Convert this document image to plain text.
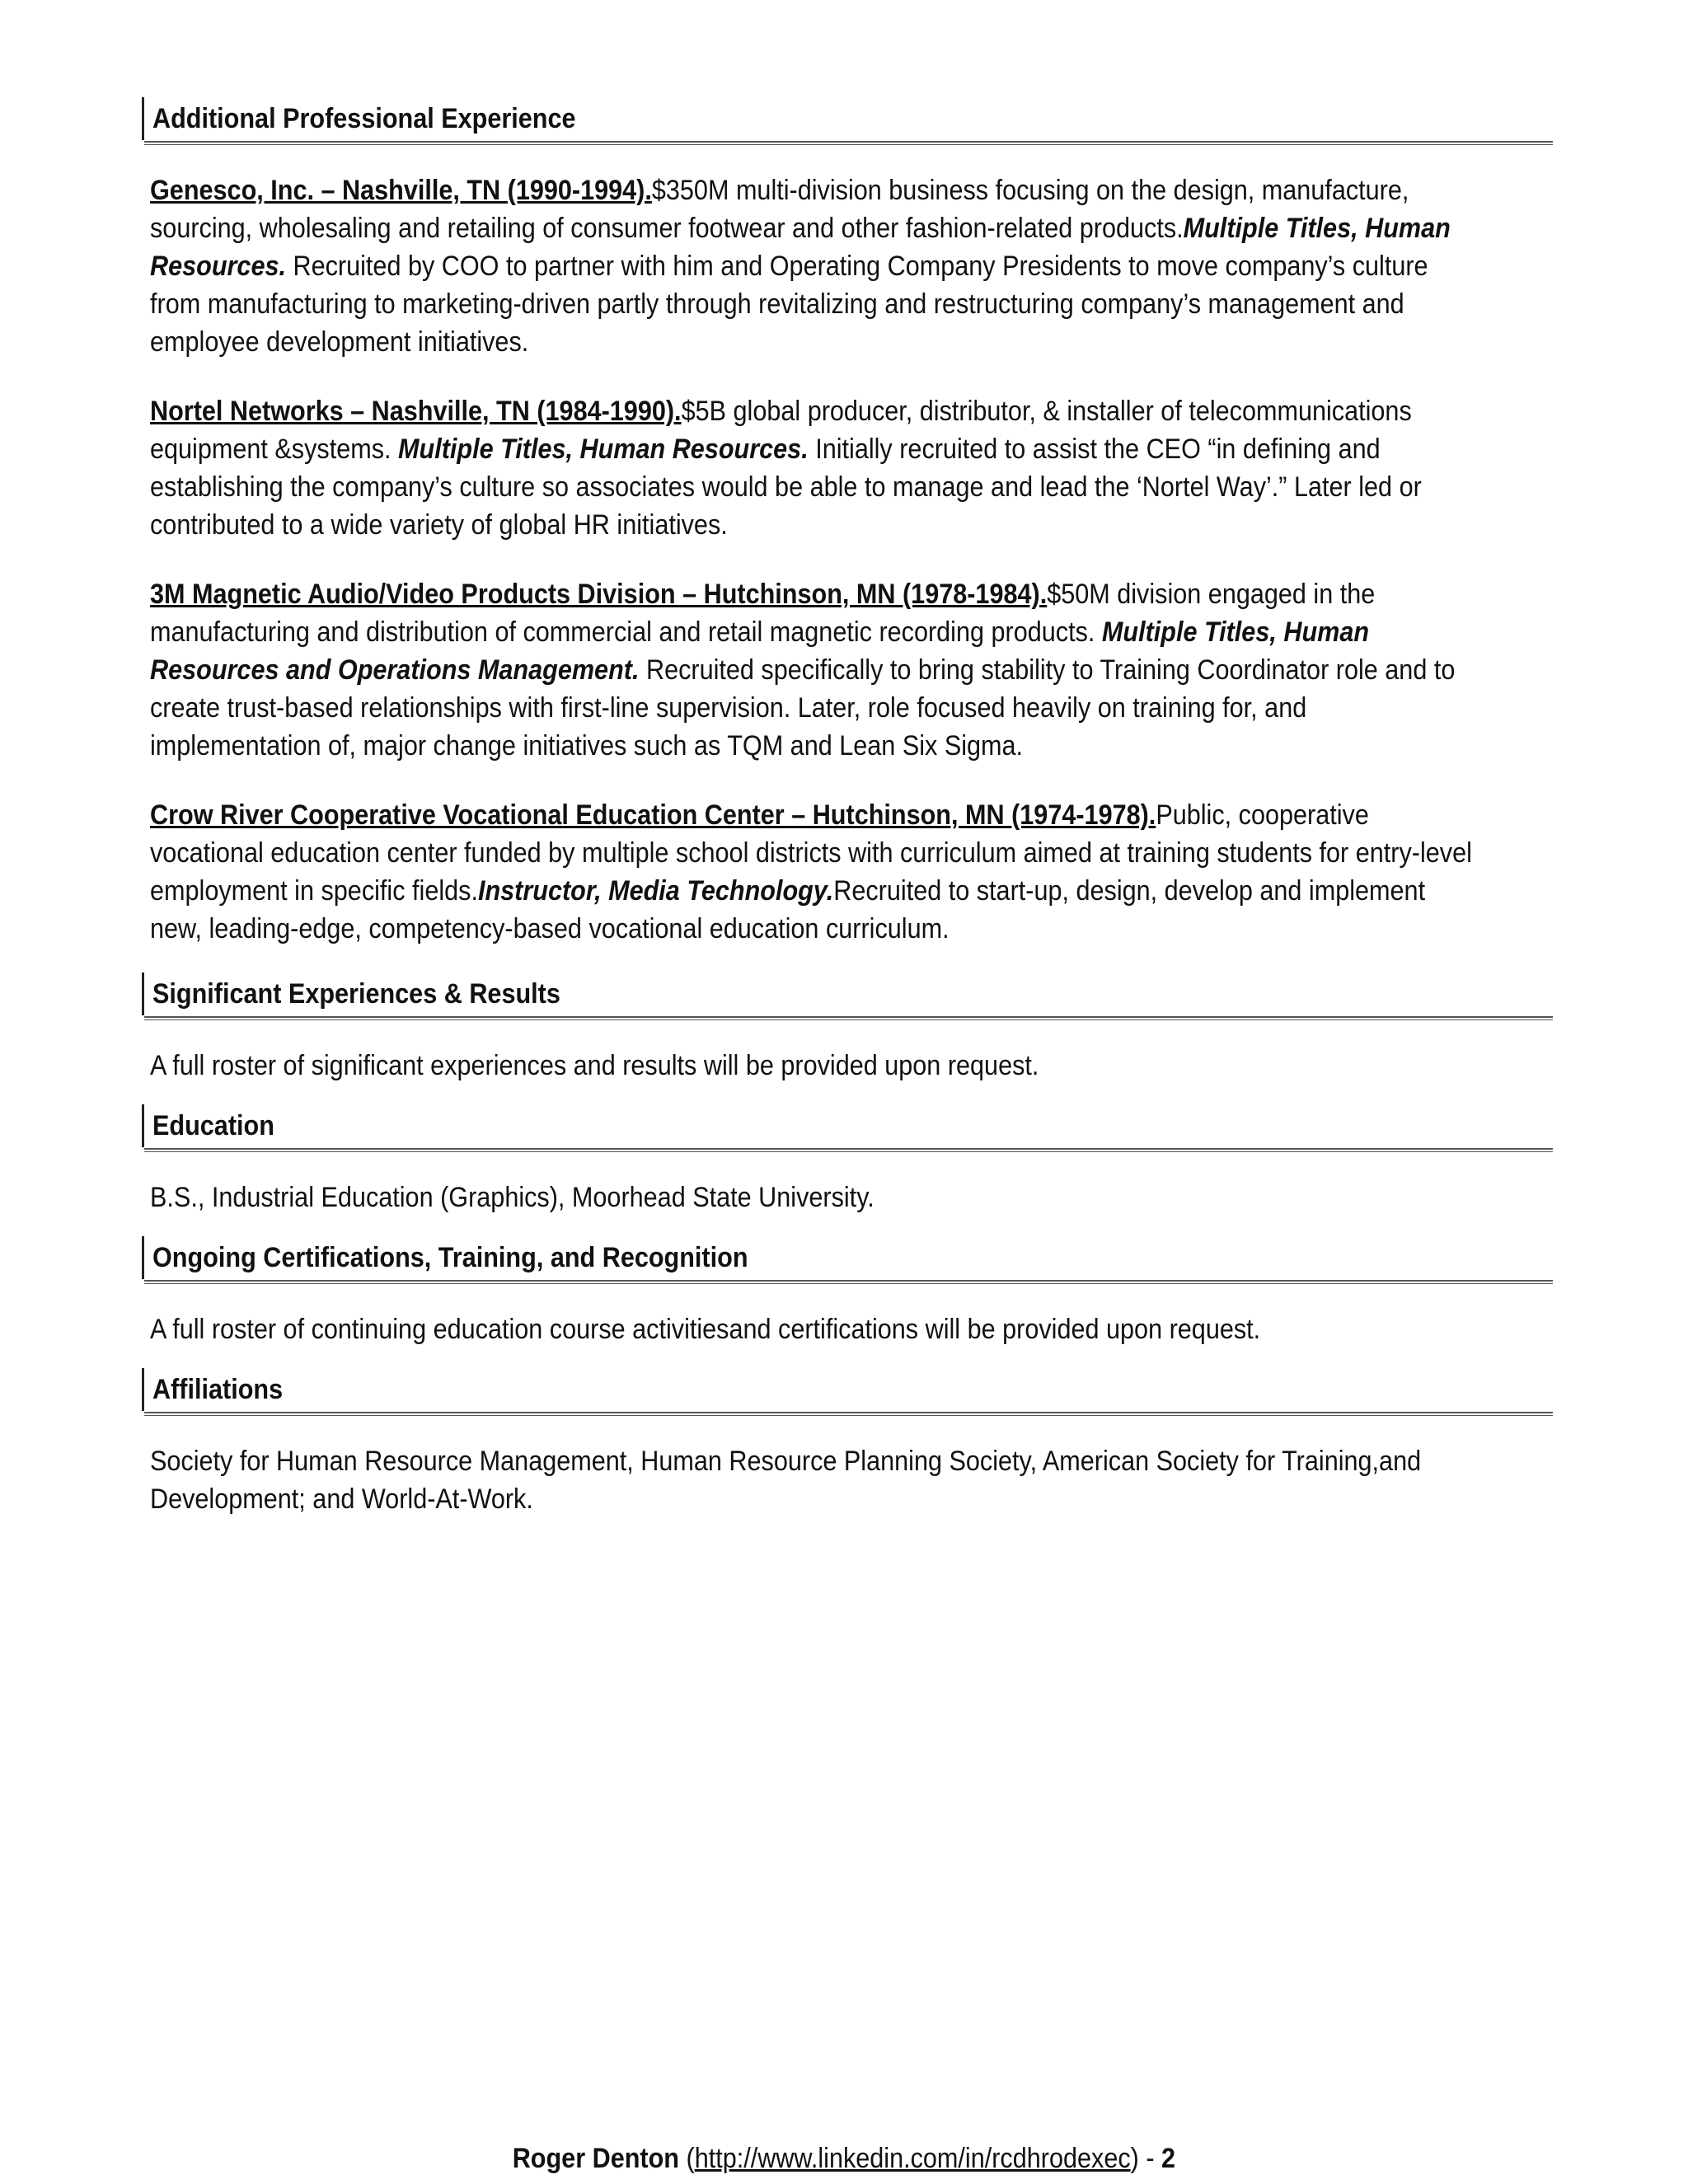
Additional Professional Experience
Genesco, Inc. – Nashville, TN (1990-1994).$350M multi-division business focusing on the design, manufacture, sourcing, wholesaling and retailing of consumer footwear and other fashion-related products.Multiple Titles, Human Resources. Recruited by COO to partner with him and Operating Company Presidents to move company’s culture from manufacturing to marketing-driven partly through revitalizing and restructuring company’s management and employee development initiatives.
Nortel Networks – Nashville, TN (1984-1990).$5B global producer, distributor, & installer of telecommunications equipment &systems. Multiple Titles, Human Resources. Initially recruited to assist the CEO “in defining and establishing the company’s culture so associates would be able to manage and lead the ‘Nortel Way’.” Later led or contributed to a wide variety of global HR initiatives.
3M Magnetic Audio/Video Products Division – Hutchinson, MN (1978-1984).$50M division engaged in the manufacturing and distribution of commercial and retail magnetic recording products. Multiple Titles, Human Resources and Operations Management. Recruited specifically to bring stability to Training Coordinator role and to create trust-based relationships with first-line supervision. Later, role focused heavily on training for, and implementation of, major change initiatives such as TQM and Lean Six Sigma.
Crow River Cooperative Vocational Education Center – Hutchinson, MN (1974-1978).Public, cooperative vocational education center funded by multiple school districts with curriculum aimed at training students for entry-level employment in specific fields.Instructor, Media Technology.Recruited to start-up, design, develop and implement new, leading-edge, competency-based vocational education curriculum.
Significant Experiences & Results
A full roster of significant experiences and results will be provided upon request.
Education
B.S., Industrial Education (Graphics), Moorhead State University.
Ongoing Certifications, Training, and Recognition
A full roster of continuing education course activitiesand certifications will be provided upon request.
Affiliations
Society for Human Resource Management, Human Resource Planning Society, American Society for Training,and Development; and World-At-Work.
Roger Denton (http://www.linkedin.com/in/rcdhrodexec) - 2
